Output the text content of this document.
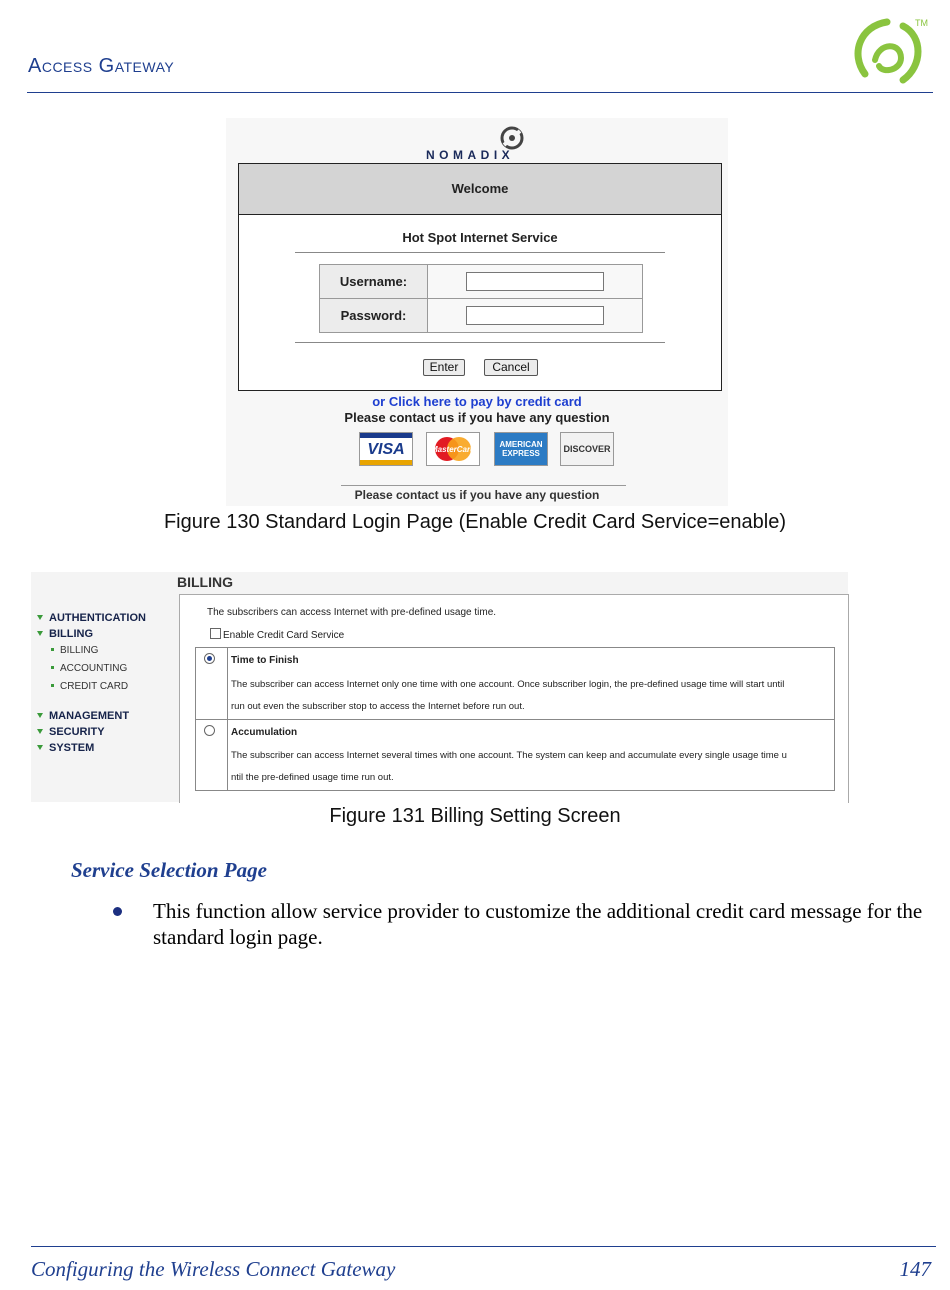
Access Gateway
TM
NOMADIX
Welcome
Hot Spot Internet Service
Username:
Password:
Enter	Cancel
or Click here to pay by credit card
Please contact us if you have any question
VISA	MasterCard
AMERICAN
EXPRESS	DISCOVER
Please contact us if you have any question
Figure 130 Standard Login Page (Enable Credit Card Service=enable)
AUTHENTICATION
BILLING
BILLING
ACCOUNTING
CREDIT CARD
MANAGEMENT
SECURITY
SYSTEM
BILLING
The subscribers can access Internet with pre-defined usage time.
Enable Credit Card Service
Time to Finish
The subscriber can access Internet only one time with one account. Once subscriber login, the pre-defined usage time will start until
run out even the subscriber stop to access the Internet before run out.
Accumulation
The subscriber can access Internet several times with one account. The system can keep and accumulate every single usage time u
ntil the pre-defined usage time run out.
Figure 131 Billing Setting Screen
Service Selection Page
This function allow service provider to customize the additional credit card message for the standard login page.
Configuring the Wireless Connect Gateway	147
